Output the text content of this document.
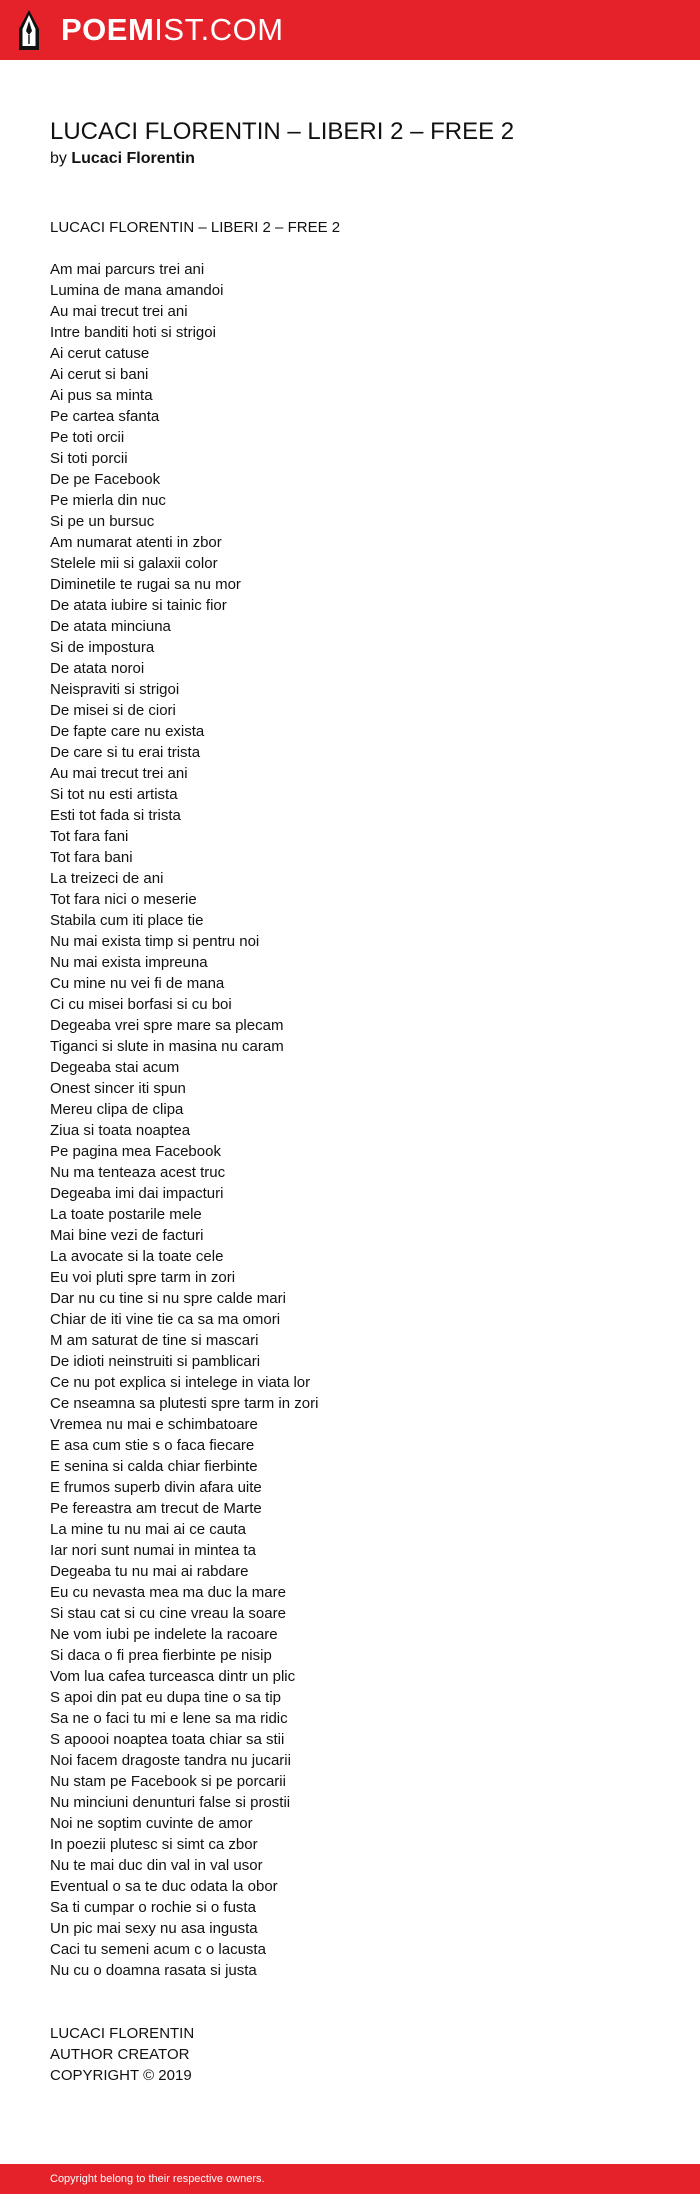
POEMIST.COM
LUCACI FLORENTIN – LIBERI 2 – FREE 2
by Lucaci Florentin
LUCACI FLORENTIN – LIBERI 2 – FREE 2
Am mai parcurs trei ani
Lumina de mana amandoi
Au mai trecut trei ani
Intre banditi hoti si strigoi
Ai cerut catuse
Ai cerut si bani
Ai pus sa minta
Pe cartea sfanta
Pe toti orcii
Si toti porcii
De pe Facebook
Pe mierla din nuc
Si pe un bursuc
Am numarat atenti in zbor
Stelele mii si galaxii color
Diminetile te rugai sa nu mor
De atata iubire si tainic fior
De atata minciuna
Si de impostura
De atata noroi
Neispraviti si strigoi
De misei si de ciori
De fapte care nu exista
De care si tu erai trista
Au mai trecut trei ani
Si tot nu esti artista
Esti tot fada si trista
Tot fara fani
Tot fara bani
La treizeci de ani
Tot fara nici o meserie
Stabila cum iti place tie
Nu mai exista timp si pentru noi
Nu mai exista impreuna
Cu mine nu vei fi de mana
Ci cu misei borfasi si cu boi
Degeaba vrei spre mare sa plecam
Tiganci si slute in masina nu caram
Degeaba stai acum
Onest sincer iti spun
Mereu clipa de clipa
Ziua si toata noaptea
Pe pagina mea Facebook
Nu ma tenteaza acest truc
Degeaba imi dai impacturi
La toate postarile mele
Mai bine vezi de facturi
La avocate si la toate cele
Eu voi pluti spre tarm in zori
Dar nu cu tine si nu spre calde mari
Chiar de iti vine tie ca sa ma omori
M am saturat de tine si mascari
De idioti neinstruiti si pamblicari
Ce nu pot explica si intelege in viata lor
Ce nseamna sa plutesti spre tarm in zori
Vremea nu mai e schimbatoare
E asa cum stie s o faca fiecare
E senina si calda chiar fierbinte
E frumos superb divin afara uite
Pe fereastra am trecut de Marte
La mine tu nu mai ai ce cauta
Iar nori sunt numai in mintea ta
Degeaba tu nu mai ai rabdare
Eu cu nevasta mea ma duc la mare
Si stau cat si cu cine vreau la soare
Ne vom iubi pe indelete la racoare
Si daca o fi prea fierbinte pe nisip
Vom lua cafea turceasca dintr un plic
S apoi din pat eu dupa tine o sa tip
Sa ne o faci tu mi e lene sa ma ridic
S apoooi noaptea toata chiar sa stii
Noi facem dragoste tandra nu jucarii
Nu stam pe Facebook si pe porcarii
Nu minciuni denunturi false si prostii
Noi ne soptim cuvinte de amor
In poezii plutesc si simt ca zbor
Nu te mai duc din val in val usor
Eventual o sa te duc odata la obor
Sa ti cumpar o rochie si o fusta
Un pic mai sexy nu asa ingusta
Caci tu semeni acum c o lacusta
Nu cu o doamna rasata si justa
LUCACI FLORENTIN
AUTHOR CREATOR
COPYRIGHT © 2019
Copyright belong to their respective owners.
